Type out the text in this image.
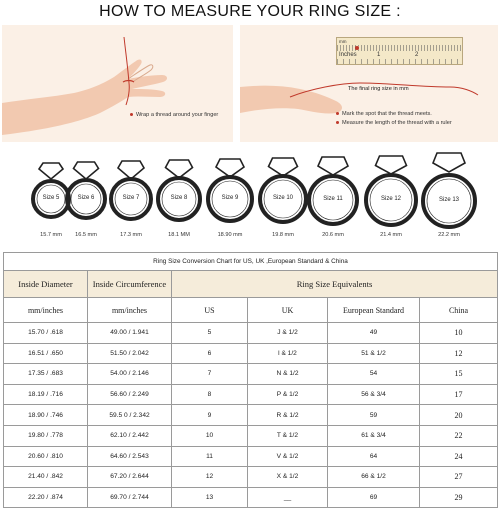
HOW TO MEASURE YOUR RING SIZE :
Wrap a thread around your finger
mm
Inches	1	2
The final ring size in mm
Mark the spot that the thread meets.
Measure the length of the thread with a ruler
Size 5
15.7 mm
Size 6
16.5 mm
Size 7
17.3 mm
Size 8
18.1 MM
Size 9
18.90 mm
Size 10
19.8 mm
Size 11
20.6 mm
Size 12
21.4 mm
Size 13
22.2 mm
Ring Size Conversion Chart for US, UK ,European Standard & China					
Inside Diameter	Inside Circumference	Ring Size Equivalents			
mm/inches	mm/inches	US	UK	European Standard	China
15.70 / .618	49.00 / 1.941	5	J & 1/2	49	10
16.51 / .650	51.50 / 2.042	6	l & 1/2	51 & 1/2	12
17.35 / .683	54.00 / 2.146	7	N & 1/2	54	15
18.19 / .716	56.60 / 2.249	8	P & 1/2	56 & 3/4	17
18.90 / .746	59.5 0 / 2.342	9	R & 1/2	59	20
19.80 / .778	62.10 / 2.442	10	T & 1/2	61 & 3/4	22
20.60 / .810	64.60 / 2.543	11	V & 1/2	64	24
21.40 / .842	67.20 / 2.644	12	X & 1/2	66 & 1/2	27
22.20 / .874	69.70 / 2.744	13	__	69	29
